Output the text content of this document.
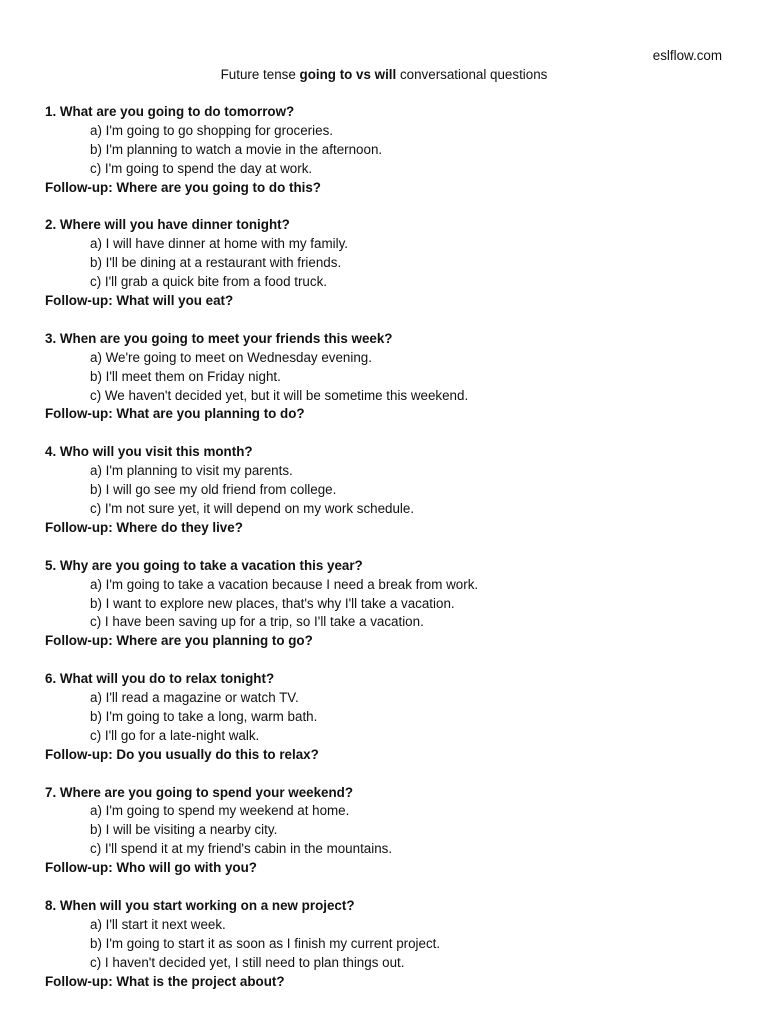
eslflow.com
Future tense going to vs will conversational questions

1. What are you going to do tomorrow?

a) I'm going to go shopping for groceries.
b) I'm planning to watch a movie in the afternoon.
c) I'm going to spend the day at work.

Follow-up: Where are you going to do this?

2. Where will you have dinner tonight?

a) I will have dinner at home with my family.
b) I'll be dining at a restaurant with friends.
c) I'll grab a quick bite from a food truck.

Follow-up: What will you eat?

3. When are you going to meet your friends this week?

a) We're going to meet on Wednesday evening.
b) I'll meet them on Friday night.
c) We haven't decided yet, but it will be sometime this weekend.

Follow-up: What are you planning to do?

4. Who will you visit this month?

a) I'm planning to visit my parents.
b) I will go see my old friend from college.
c) I'm not sure yet, it will depend on my work schedule.

Follow-up: Where do they live?

5. Why are you going to take a vacation this year?

a) I'm going to take a vacation because I need a break from work.
b) I want to explore new places, that's why I'll take a vacation.
c) I have been saving up for a trip, so I'll take a vacation.

Follow-up: Where are you planning to go?

6. What will you do to relax tonight?

a) I'll read a magazine or watch TV.
b) I'm going to take a long, warm bath.
c) I'll go for a late-night walk.

Follow-up: Do you usually do this to relax?

7. Where are you going to spend your weekend?

a) I'm going to spend my weekend at home.
b) I will be visiting a nearby city.
c) I'll spend it at my friend's cabin in the mountains.

Follow-up: Who will go with you?

8. When will you start working on a new project?

a) I'll start it next week.
b) I'm going to start it as soon as I finish my current project.
c) I haven't decided yet, I still need to plan things out.

Follow-up: What is the project about?
